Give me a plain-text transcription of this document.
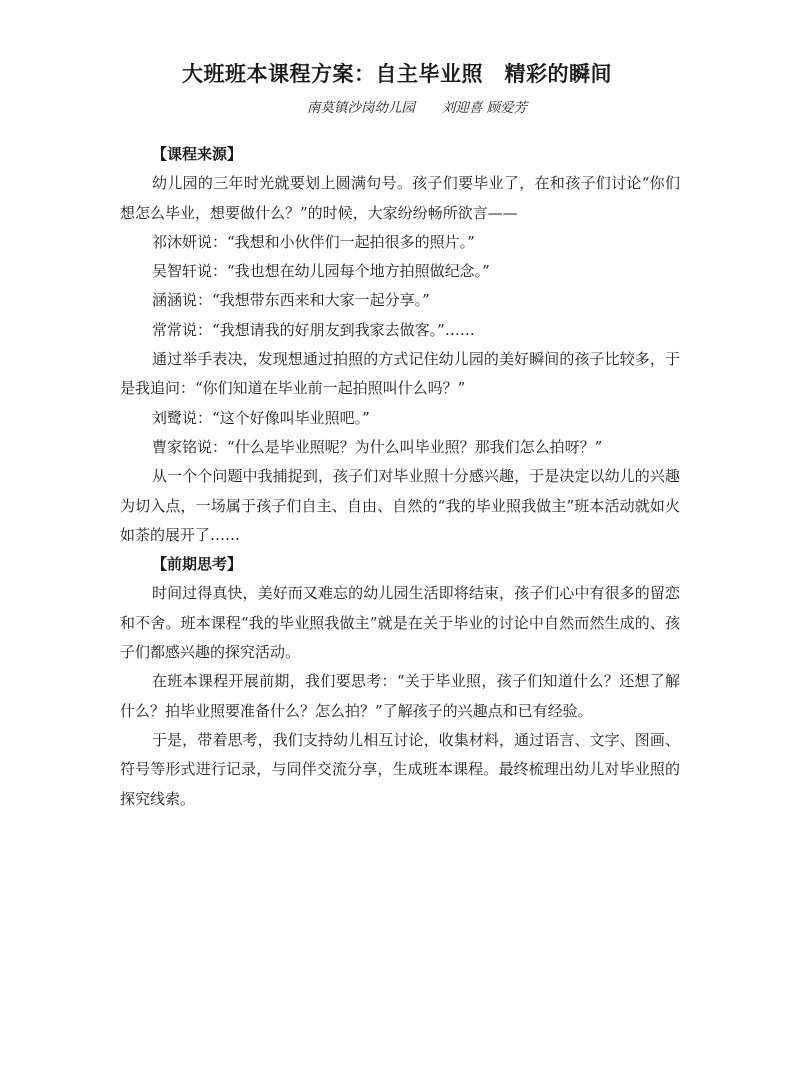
大班班本课程方案：自主毕业照　精彩的瞬间
南莫镇沙岗幼儿园　　刘迎喜 顾爱芳

【课程来源】

幼儿园的三年时光就要划上圆满句号。孩子们要毕业了，在和孩子们讨论“你们想怎么毕业，想要做什么？”的时候，大家纷纷畅所欲言——

祁沐妍说：“我想和小伙伴们一起拍很多的照片。”

吴智轩说：“我也想在幼儿园每个地方拍照做纪念。”

涵涵说：“我想带东西来和大家一起分享。”

常常说：“我想请我的好朋友到我家去做客。”……

通过举手表决，发现想通过拍照的方式记住幼儿园的美好瞬间的孩子比较多，于是我追问：“你们知道在毕业前一起拍照叫什么吗？”

刘鹭说：“这个好像叫毕业照吧。”

曹家铭说：“什么是毕业照呢？为什么叫毕业照？那我们怎么拍呀？”

从一个个问题中我捕捉到，孩子们对毕业照十分感兴趣，于是决定以幼儿的兴趣为切入点，一场属于孩子们自主、自由、自然的“我的毕业照我做主”班本活动就如火如荼的展开了……

【前期思考】

时间过得真快，美好而又难忘的幼儿园生活即将结束，孩子们心中有很多的留恋和不舍。班本课程“我的毕业照我做主”就是在关于毕业的讨论中自然而然生成的、孩子们都感兴趣的探究活动。

在班本课程开展前期，我们要思考：“关于毕业照，孩子们知道什么？还想了解什么？拍毕业照要准备什么？怎么拍？”了解孩子的兴趣点和已有经验。

于是，带着思考，我们支持幼儿相互讨论，收集材料，通过语言、文字、图画、符号等形式进行记录，与同伴交流分享，生成班本课程。最终梳理出幼儿对毕业照的探究线索。
